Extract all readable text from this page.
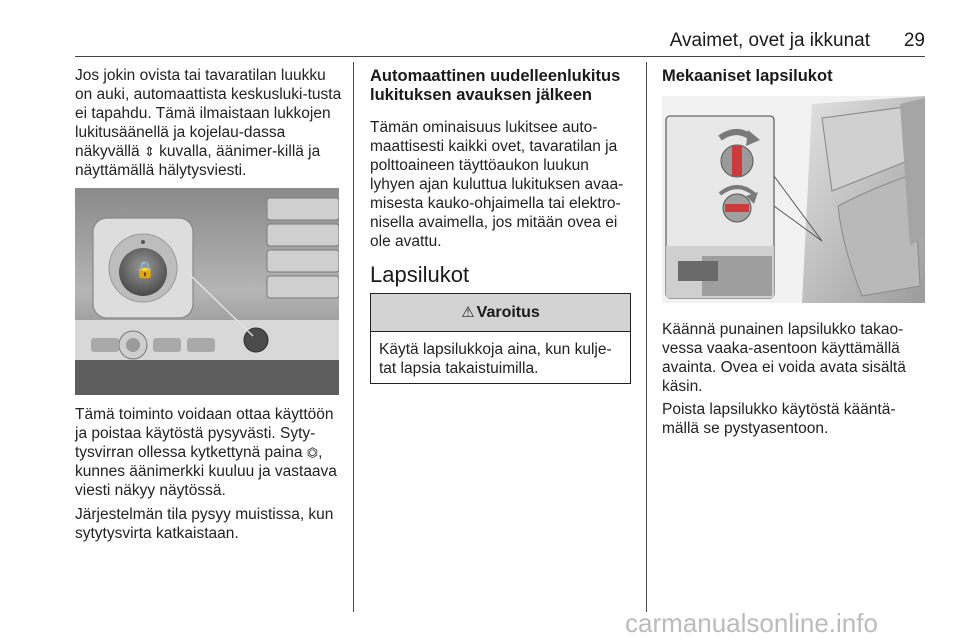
Avaimet, ovet ja ikkunat	29

Jos jokin ovista tai tavaratilan luukku on auki, automaattista keskusluki-tusta ei tapahdu. Tämä ilmaistaan lukkojen lukitusäänellä ja kojelau-dassa näkyvällä ⇕ kuvalla, äänimer-killä ja näyttämällä hälytysviesti.

🔒

Tämä toiminto voidaan ottaa käyttöön ja poistaa käytöstä pysyvästi. Syty-tysvirran ollessa kytkettynä paina ⏣, kunnes äänimerkki kuuluu ja vastaava viesti näkyy näytössä.

Järjestelmän tila pysyy muistissa, kun sytytysvirta katkaistaan.

Automaattinen uudelleenlukitus lukituksen avauksen jälkeen

Tämän ominaisuus lukitsee auto-maattisesti kaikki ovet, tavaratilan ja polttoaineen täyttöaukon luukun lyhyen ajan kuluttua lukituksen avaa-misesta kauko-ohjaimella tai elektro-nisella avaimella, jos mitään ovea ei ole avattu.

Lapsilukot

⚠ Varoitus

Käytä lapsilukkoja aina, kun kulje-tat lapsia takaistuimilla.

Mekaaniset lapsilukot

Käännä punainen lapsilukko takao-vessa vaaka-asentoon käyttämällä avainta. Ovea ei voida avata sisältä käsin.

Poista lapsilukko käytöstä kääntä-mällä se pystyasentoon.

carmanualsonline.info
